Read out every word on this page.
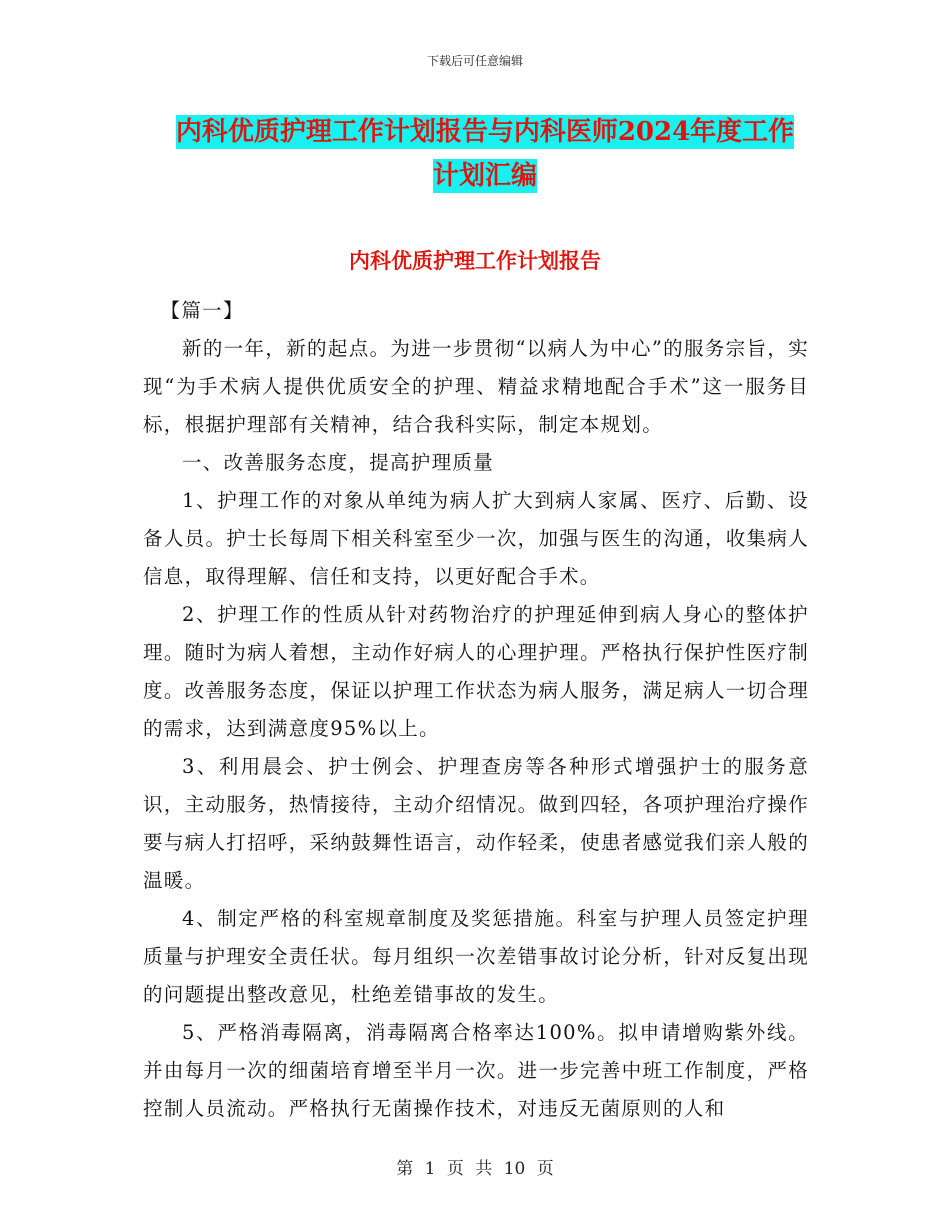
下载后可任意编辑
内科优质护理工作计划报告与内科医师2024年度工作
计划汇编
内科优质护理工作计划报告

【篇一】

新的一年，新的起点。为进一步贯彻“以病人为中心”的服务宗旨，实现“为手术病人提供优质安全的护理、精益求精地配合手术”这一服务目标，根据护理部有关精神，结合我科实际，制定本规划。

一、改善服务态度，提高护理质量

1、护理工作的对象从单纯为病人扩大到病人家属、医疗、后勤、设备人员。护士长每周下相关科室至少一次，加强与医生的沟通，收集病人信息，取得理解、信任和支持，以更好配合手术。

2、护理工作的性质从针对药物治疗的护理延伸到病人身心的整体护理。随时为病人着想，主动作好病人的心理护理。严格执行保护性医疗制度。改善服务态度，保证以护理工作状态为病人服务，满足病人一切合理的需求，达到满意度95%以上。

3、利用晨会、护士例会、护理查房等各种形式增强护士的服务意识，主动服务，热情接待，主动介绍情况。做到四轻，各项护理治疗操作要与病人打招呼，采纳鼓舞性语言，动作轻柔，使患者感觉我们亲人般的温暖。

4、制定严格的科室规章制度及奖惩措施。科室与护理人员签定护理质量与护理安全责任状。每月组织一次差错事故讨论分析，针对反复出现的问题提出整改意见，杜绝差错事故的发生。

5、严格消毒隔离，消毒隔离合格率达100%。拟申请增购紫外线。并由每月一次的细菌培育增至半月一次。进一步完善中班工作制度，严格控制人员流动。严格执行无菌操作技术，对违反无菌原则的人和

第 1 页 共 10 页
